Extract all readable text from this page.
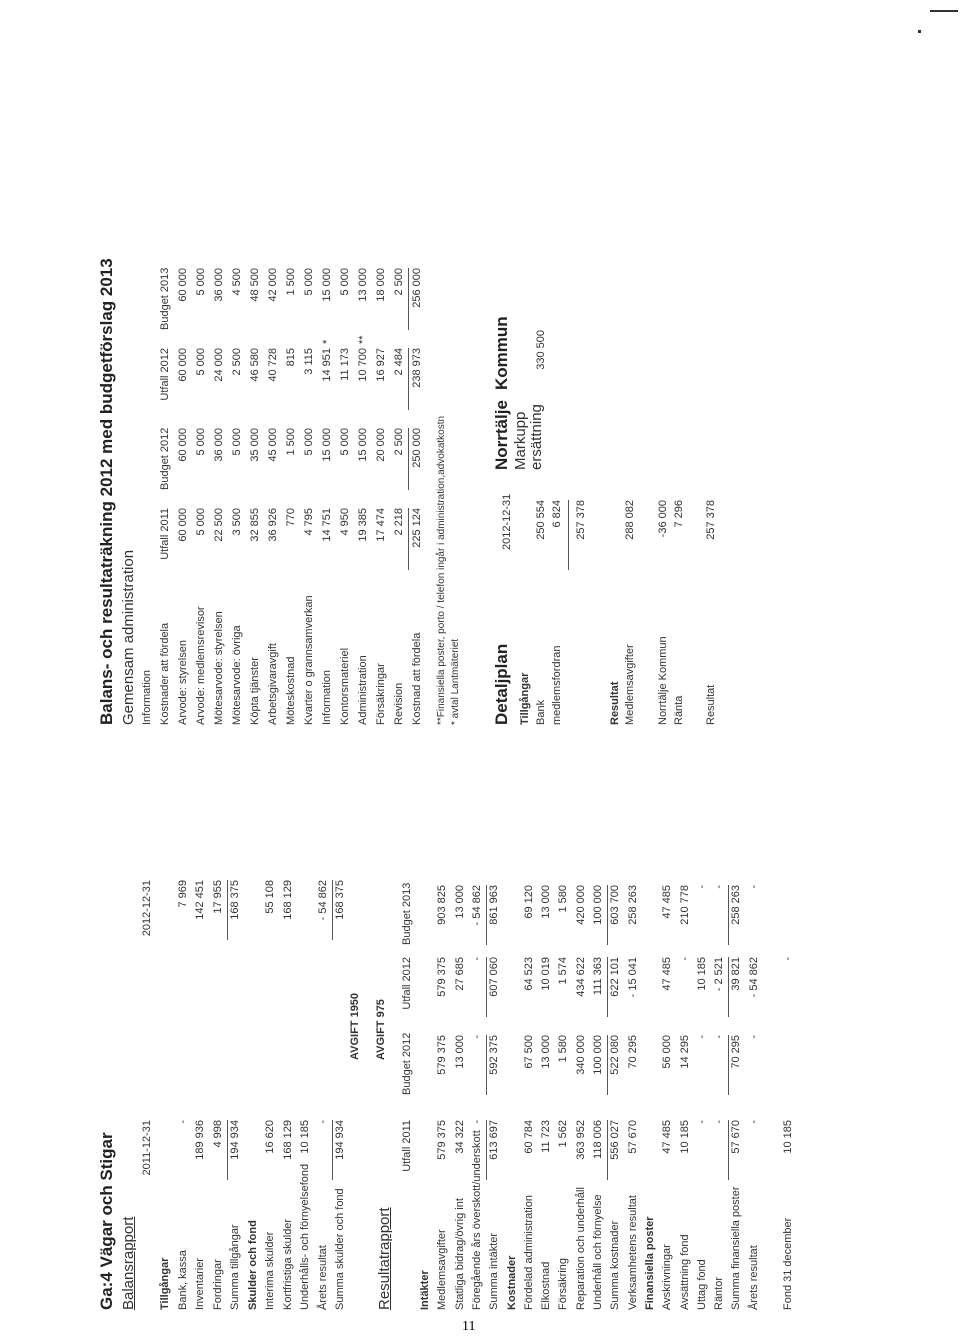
Ga:4 Vägar och Stigar Balansrapport
2011-12-31
2012-12-31
Tillgångar Bank, kassa
-
7 969
Inventarier
189 936
142 451
Fordringar
4 998
17 955
Summa tillgångar
194 934
168 375
Skulder och fond Interima skulder
16 620
55 108
Kortfristiga skulder
168 129
168 129
Underhålls- och förnyelsefond
10 185
Årets resultat
-
- 54 862
Summa skulder och fond
194 934
168 375
AVGIFT 1950 AVGIFT 975
Resultatrapport
Utfall 2011
Budget 2012
Utfall 2012
Budget 2013
Intäkter Medlemsavgifter
579 375
579 375
579 375
903 825
Statliga bidrag/övrig int
34 322
13 000
27 685
13 000
Föregående års överskott/underskott
-
-
-
- 54 862
Summa intäkter
613 697
592 375
607 060
861 963
Kostnader Fördelad administration
60 784
67 500
64 523
69 120
Elkostnad
11 723
13 000
10 019
13 000
Försäkring
1 562
1 580
1 574
1 580
Reparation och underhåll
363 952
340 000
434 622
420 000
Underhåll och förnyelse
118 006
100 000
111 363
100 000
Summa kostnader
556 027
522 080
622 101
603 700
Verksamhetens resultat
57 670
70 295
- 15 041
258 263
Finansiella poster Avskrivningar
47 485
56 000
47 485
47 485
Avsättning fond
10 185
14 295
-
210 778
Uttag fond
-
-
10 185
-
Räntor
-
-
- 2 521
-
Summa finansiella poster
57 670
70 295
39 821
258 263
Årets resultat
-
-
- 54 862
-
Fond 31 december
10 185
-
Balans- och resultaträkning 2012 med budgetförslag 2013 Gemensam administration Information Kostnader att fördela
Utfall 2011
Budget 2012
Utfall 2012
Budget 2013
Arvode: styrelsen
60 000
60 000
60 000
60 000
Arvode: medlemsrevisor
5 000
5 000
5 000
5 000
Mötesarvode: styrelsen
22 500
36 000
24 000
36 000
Mötesarvode: övriga
3 500
5 000
2 500
4 500
Köpta tjänster
32 855
35 000
46 580
48 500
Arbetsgivaravgift
36 926
45 000
40 728
42 000
Möteskostnad
770
1 500
815
1 500
Kvarter o grannsamverkan
4 795
5 000
3 115
5 000
Information
14 751
15 000
14 951
15 000
*
Kontorsmateriel
4 950
5 000
11 173
5 000
Administration
19 385
15 000
10 700
13 000
**
Försäkringar
17 474
20 000
16 927
18 000
Revision
2 218
2 500
2 484
2 500
Kostnad att fördela
225 124
250 000
238 973
256 000
**Finansiella poster, porto / telefon ingår i administration,advokatkostn * avtal Lantmäteriet Detaljplan
2012-12-31
Norrtälje
Kommun
Markupp
Tillgångar
ersättning
Bank
250 554
330 500
medlemsfordran
6 824 257 378
Resultat Medlemsavgifter
288 082
Norrtälje Kommun
-36 000
Ränta
7 296
Resultat
257 378
11
